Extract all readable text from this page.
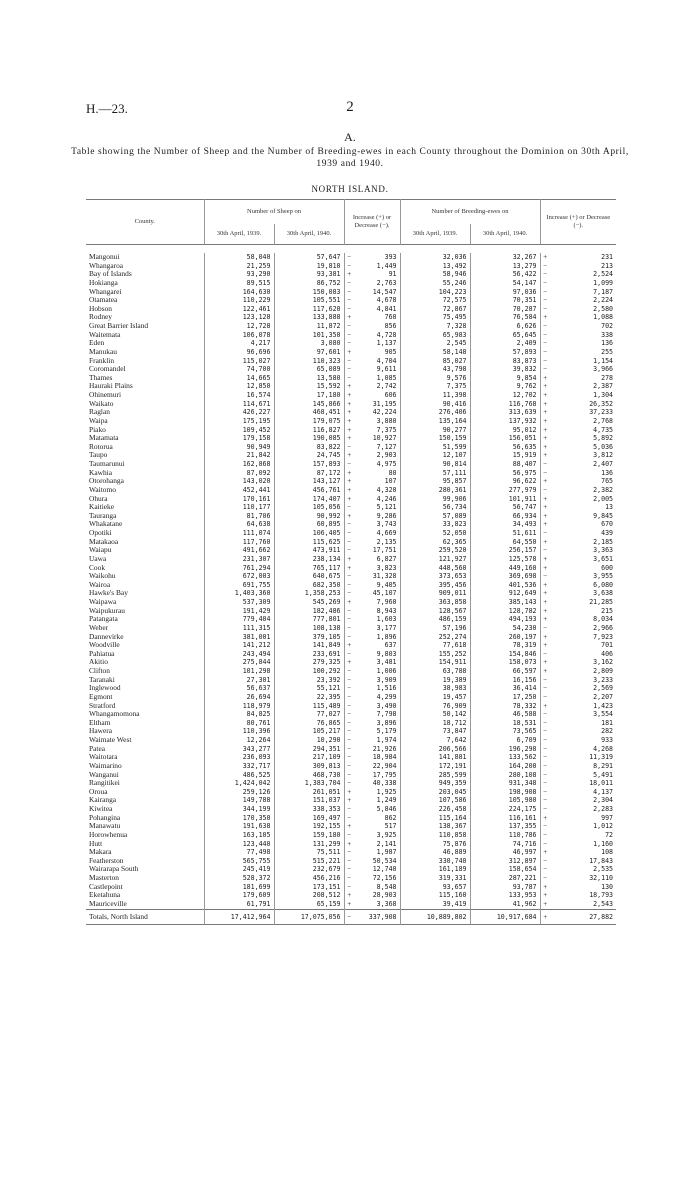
H.—23.	2
A.
Table showing the Number of Sheep and the Number of Breeding-ewes in each County throughout the Dominion on 30th April, 1939 and 1940.
NORTH ISLAND.
County.	Number of Sheep on		Increase (+) or Decrease (−).		Number of Breeding-ewes on		Increase (+) or Decrease (−).	
	30th April, 1939.	30th April, 1940.			30th April, 1939.	30th April, 1940.		

Mangonui	58,040	57,647	−	393	32,036	32,267	+	231
Whangaroa	21,259	19,810	−	1,449	13,492	13,279	−	213
Bay of Islands	93,290	93,381	+	91	58,946	56,422	−	2,524
Hokianga	89,515	86,752	−	2,763	55,246	54,147	−	1,099
Whangarei	164,630	150,083	−	14,547	104,223	97,036	−	7,187
Otamatea	110,229	105,551	−	4,678	72,575	70,351	−	2,224
Hobson	122,461	117,620	−	4,841	72,867	70,287	−	2,580
Rodney	123,128	133,888	+	760	75,495	76,584	+	1,088
Great Barrier Island	12,728	11,872	−	856	7,328	6,626	−	702
Waitemata	106,078	101,350	−	4,728	65,983	65,645	−	338
Eden	4,217	3,080	−	1,137	2,545	2,409	−	136
Manukau	96,696	97,601	+	905	58,148	57,893	−	255
Franklin	115,027	110,323	−	4,704	85,027	83,873	−	1,154
Coromandel	74,700	65,089	−	9,611	43,798	39,832	−	3,966
Thames	14,665	13,580	−	1,085	9,576	9,854	+	278
Hauraki Plains	12,850	15,592	+	2,742	7,375	9,762	+	2,387
Ohinemuri	16,574	17,180	+	606	11,398	12,702	+	1,304
Waikato	114,671	145,866	+	31,195	90,416	116,768	+	26,352
Raglan	426,227	468,451	+	42,224	276,406	313,639	+	37,233
Waipa	175,195	179,075	+	3,880	135,164	137,932	+	2,768
Piako	109,452	116,827	+	7,375	90,277	95,012	+	4,735
Matamata	179,158	190,085	+	10,927	150,159	156,051	+	5,892
Rotorua	90,949	83,822	−	7,127	51,599	56,635	+	5,036
Taupo	21,842	24,745	+	2,903	12,107	15,919	+	3,812
Taumarunui	162,868	157,893	−	4,975	90,814	88,407	−	2,407
Kawhia	87,092	87,172	+	80	57,111	56,975	−	136
Otorohanga	143,020	143,127	+	107	95,857	96,622	+	765
Waitomo	452,441	456,761	+	4,320	280,361	277,979	−	2,382
Ohura	170,161	174,407	+	4,246	99,906	101,911	+	2,005
Kaitieke	110,177	105,056	−	5,121	56,734	56,747	+	13
Tauranga	81,706	90,992	+	9,286	57,089	66,934	+	9,845
Whakatane	64,638	60,895	−	3,743	33,823	34,493	+	670
Opotiki	111,074	106,405	−	4,669	52,050	51,611	−	439
Matakaoa	117,760	115,625	−	2,135	62,365	64,550	+	2,185
Waiapu	491,662	473,911	−	17,751	259,520	256,157	−	3,363
Uawa	231,307	238,134	+	6,827	121,927	125,578	+	3,651
Cook	761,294	765,117	+	3,823	448,560	449,160	+	600
Waikohu	672,003	640,675	−	31,328	373,653	369,698	−	3,955
Wairoa	691,755	682,350	−	9,405	395,456	401,536	+	6,080
Hawke's Bay	1,403,360	1,358,253	−	45,107	909,011	912,649	+	3,638
Waipawa	537,309	545,269	+	7,960	363,858	385,143	+	21,285
Waipukurau	191,429	182,486	−	8,943	128,567	128,782	+	215
Patangata	779,404	777,801	−	1,603	486,159	494,193	+	8,034
Weber	111,315	108,138	−	3,177	57,196	54,230	−	2,966
Dannevirke	381,001	379,105	−	1,896	252,274	260,197	+	7,923
Woodville	141,212	141,849	+	637	77,618	78,319	+	701
Pahiatua	243,494	233,691	−	9,803	155,252	154,846	−	406
Akitio	275,844	279,325	+	3,481	154,911	158,073	+	3,162
Clifton	101,298	100,292	−	1,006	63,788	66,597	+	2,809
Taranaki	27,301	23,392	−	3,909	19,389	16,156	−	3,233
Inglewood	56,637	55,121	−	1,516	38,983	36,414	−	2,569
Egmont	26,694	22,395	−	4,299	19,457	17,250	−	2,207
Stratford	118,979	115,489	−	3,490	76,909	78,332	+	1,423
Whangamomona	84,825	77,027	−	7,798	50,142	46,588	−	3,554
Eltham	80,761	76,865	−	3,896	18,712	18,531	−	181
Hawera	110,396	105,217	−	5,179	73,847	73,565	−	282
Waimate West	12,264	10,290	−	1,974	7,642	6,709	−	933
Patea	343,277	294,351	−	21,926	206,566	196,298	−	4,268
Waitotara	236,093	217,109	−	18,984	141,881	133,562	−	11,319
Waimarino	332,717	309,813	−	22,904	172,191	164,200	−	8,291
Wanganui	486,525	468,730	−	17,795	285,599	280,108	−	5,491
Rangitikei	1,424,042	1,383,704	−	40,338	949,359	931,348	−	18,011
Oroua	259,126	261,051	+	1,925	203,045	198,908	−	4,137
Kairanga	149,788	151,037	+	1,249	107,586	105,980	−	2,304
Kiwitea	344,199	338,353	−	5,846	226,458	224,175	−	2,283
Pohangina	170,350	169,497	−	862	115,164	116,161	+	997
Manawatu	191,638	192,155	+	517	138,367	137,355	−	1,012
Horowhenua	163,105	159,180	−	3,925	110,858	110,786	−	72
Hutt	123,440	131,299	+	2,141	75,876	74,716	−	1,160
Makara	77,498	75,511	−	1,987	46,889	46,997	+	108
Featherston	565,755	515,221	−	50,534	330,740	312,897	−	17,843
Wairarapa South	245,419	232,679	−	12,740	161,189	158,654	−	2,535
Masterton	528,372	456,216	−	72,156	319,331	287,221	−	32,110
Castlepoint	181,699	173,151	−	8,548	93,657	93,787	+	130
Eketahuna	179,609	208,512	+	28,903	115,160	133,953	+	18,793
Mauriceville	61,791	65,159	+	3,368	39,419	41,962	+	2,543
Totals, North Island	17,412,964	17,075,056	−	337,908	10,889,802	10,917,684	+	27,882
